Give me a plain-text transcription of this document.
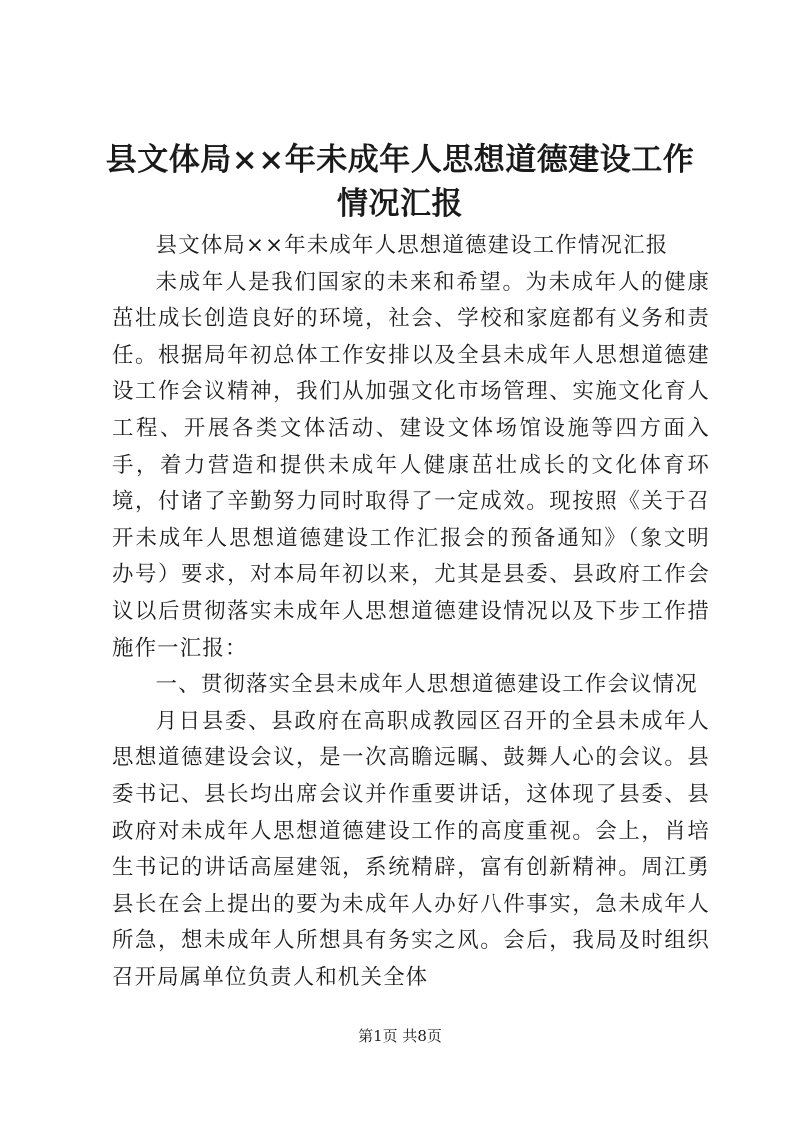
县文体局××年未成年人思想道德建设工作情况汇报

县文体局××年未成年人思想道德建设工作情况汇报

未成年人是我们国家的未来和希望。为未成年人的健康茁壮成长创造良好的环境，社会、学校和家庭都有义务和责任。根据局年初总体工作安排以及全县未成年人思想道德建设工作会议精神，我们从加强文化市场管理、实施文化育人工程、开展各类文体活动、建设文体场馆设施等四方面入手，着力营造和提供未成年人健康茁壮成长的文化体育环境，付诸了辛勤努力同时取得了一定成效。现按照《关于召开未成年人思想道德建设工作汇报会的预备通知》（象文明办号）要求，对本局年初以来，尤其是县委、县政府工作会议以后贯彻落实未成年人思想道德建设情况以及下步工作措施作一汇报：

一、贯彻落实全县未成年人思想道德建设工作会议情况

月日县委、县政府在高职成教园区召开的全县未成年人思想道德建设会议，是一次高瞻远瞩、鼓舞人心的会议。县委书记、县长均出席会议并作重要讲话，这体现了县委、县政府对未成年人思想道德建设工作的高度重视。会上，肖培生书记的讲话高屋建瓴，系统精辟，富有创新精神。周江勇县长在会上提出的要为未成年人办好八件事实，急未成年人所急，想未成年人所想具有务实之风。会后，我局及时组织召开局属单位负责人和机关全体

第1页 共8页
